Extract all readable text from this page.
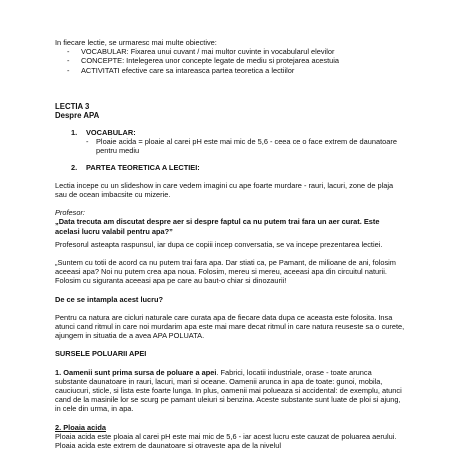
In fiecare lectie, se urmaresc mai multe obiective:

-	VOCABULAR: Fixarea unui cuvant / mai multor cuvinte in vocabularul elevilor
-	CONCEPTE: Intelegerea unor concepte legate de mediu si protejarea acestuia
-	ACTIVITATI efective care sa intareasca partea teoretica a lectiilor

LECTIA 3

Despre APA

1.	VOCABULAR:
-	Ploaie acida = ploaie al carei pH este mai mic de 5,6 - ceea ce o face extrem de daunatoare pentru mediu
2.	PARTEA TEORETICA A LECTIEI:

Lectia incepe cu un slideshow in care vedem imagini cu ape foarte murdare - rauri, lacuri, zone de plaja sau de ocean imbacsite cu mizerie.

Profesor:

„Data trecuta am discutat despre aer si despre faptul ca nu putem trai fara un aer curat. Este acelasi lucru valabil pentru apa?”

Profesorul asteapta raspunsul, iar dupa ce copiii incep conversatia, se va incepe prezentarea lectiei.

„Suntem cu totii de acord ca nu putem trai fara apa. Dar stiati ca, pe Pamant, de milioane de ani, folosim aceeasi apa? Noi nu putem crea apa noua. Folosim, mereu si mereu, aceeasi apa din circuitul naturii. Folosim cu siguranta aceeasi apa pe care au baut-o chiar si dinozaurii!

De ce se intampla acest lucru?

Pentru ca natura are cicluri naturale care curata apa de fiecare data dupa ce aceasta este folosita. Insa atunci cand ritmul in care noi murdarim apa este mai mare decat ritmul in care natura reuseste sa o curete, ajungem in situatia de a avea APA POLUATA.

SURSELE POLUARII APEI

1. Oamenii sunt prima sursa de poluare a apei. Fabrici, locatii industriale, orase - toate arunca substante daunatoare in rauri, lacuri, mari si oceane. Oamenii arunca in apa de toate: gunoi, mobila, cauciucuri, sticle, si lista este foarte lunga. In plus, oamenii mai polueaza si accidental: de exemplu, atunci cand de la masinile lor se scurg pe pamant uleiuri si benzina. Aceste substante sunt luate de ploi si ajung, in cele din urma, in apa.

2. Ploaia acida

Ploaia acida este ploaia al carei pH este mai mic de 5,6 - iar acest lucru este cauzat de poluarea aerului. Ploaia acida este extrem de daunatoare si otraveste apa de la nivelul
